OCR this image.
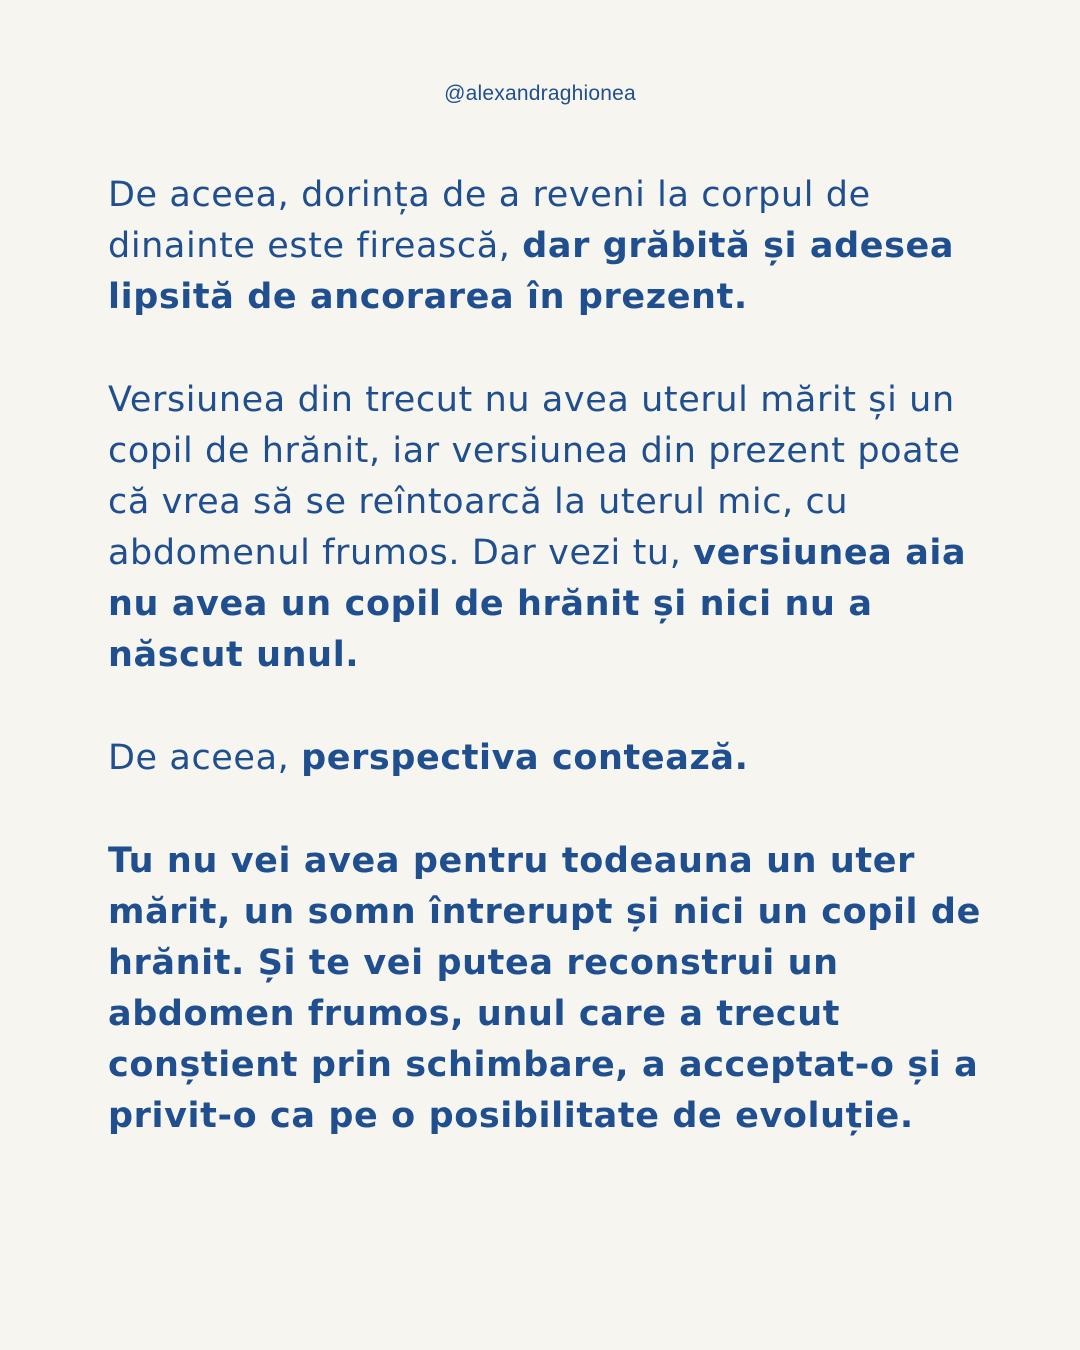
@alexandraghionea

De aceea, dorința de a reveni la corpul de dinainte este firească, dar grăbită și adesea lipsită de ancorarea în prezent.

Versiunea din trecut nu avea uterul mărit și un copil de hrănit, iar versiunea din prezent poate că vrea să se reîntoarcă la uterul mic, cu abdomenul frumos. Dar vezi tu, versiunea aia nu avea un copil de hrănit și nici nu a născut unul.

De aceea, perspectiva contează.

Tu nu vei avea pentru todeauna un uter mărit, un somn întrerupt și nici un copil de hrănit. Și te vei putea reconstrui un abdomen frumos, unul care a trecut conștient prin schimbare, a acceptat-o și a privit-o ca pe o posibilitate de evoluție.
